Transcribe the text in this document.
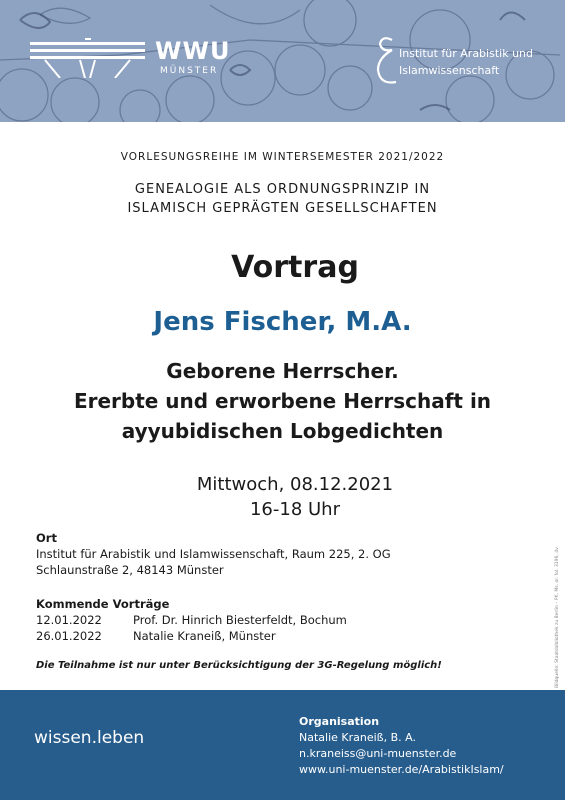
WWU
MÜNSTER
Institut für Arabistik und
Islamwissenschaft
VORLESUNGSREIHE IM WINTERSEMESTER 2021/2022
GENEALOGIE ALS ORDNUNGSPRINZIP IN
ISLAMISCH GEPRÄGTEN GESELLSCHAFTEN
Vortrag
Jens Fischer, M.A.
Geborene Herrscher.
Ererbte und erworbene Herrschaft in
ayyubidischen Lobgedichten
Mittwoch, 08.12.2021
16-18 Uhr
Ort
Institut für Arabistik und Islamwissenschaft, Raum 225, 2. OG
Schlaunstraße 2, 48143 Münster
Kommende Vorträge
12.01.2022	Prof. Dr. Hinrich Biesterfeldt, Bochum
26.01.2022	Natalie Kraneiß, Münster
Die Teilnahme ist nur unter Berücksichtigung der 3G-Regelung möglich!	Bildquelle: Staatsbibliothek zu Berlin – PK, Ms. or. fol. 3196, 4v
wissen.leben
Organisation
Natalie Kraneiß, B. A.
n.kraneiss@uni-muenster.de
www.uni-muenster.de/ArabistikIslam/
